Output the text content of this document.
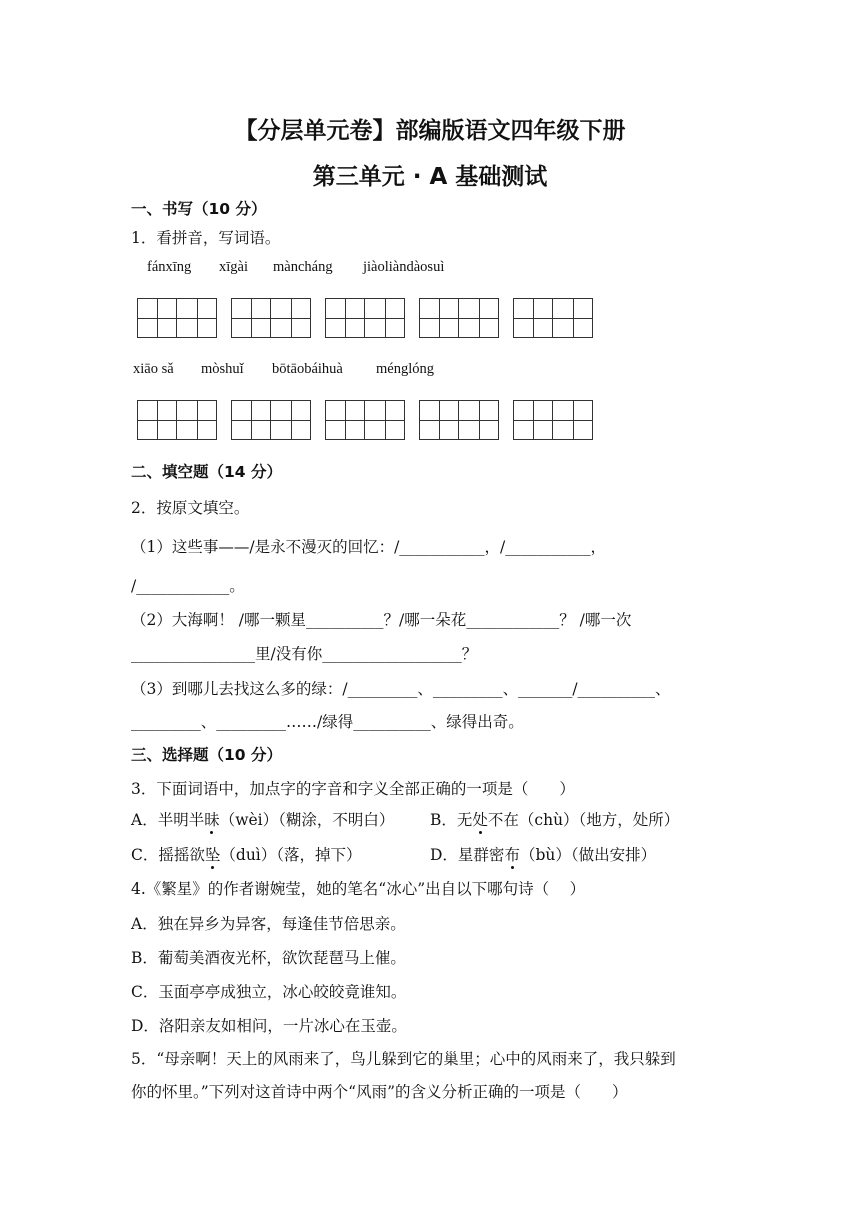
【分层单元卷】部编版语文四年级下册
第三单元 · A 基础测试
一、书写（10 分）
1．看拼音，写词语。
fánxīng xīgài màncháng jiàoliàndàosuì
xiāo sǎ mòshuǐ bōtāobáihuà ménglóng
二、填空题（14 分）
2．按原文填空。
（1）这些事——/是永不漫灭的回忆：/___________，/___________，
/____________。
（2）大海啊！ /哪一颗星__________？/哪一朵花____________？ /哪一次
________________里/没有你__________________？
（3）到哪儿去找这么多的绿：/_________、_________、_______/__________、
_________、_________……/绿得__________、绿得出奇。
三、选择题（10 分）
3．下面词语中，加点字的字音和字义全部正确的一项是（　　）
A．半明半昧（wèi）（糊涂，不明白） B．无处不在（chù）（地方，处所）
C．摇摇欲坠（duì）（落，掉下）	D．星群密布（bù）（做出安排）
4.《繁星》的作者谢婉莹，她的笔名“冰心”出自以下哪句诗（　 ）
A．独在异乡为异客，每逢佳节倍思亲。
B．葡萄美酒夜光杯，欲饮琵琶马上催。
C．玉面亭亭成独立，冰心皎皎竟谁知。
D．洛阳亲友如相问，一片冰心在玉壶。
5．“母亲啊！天上的风雨来了，鸟儿躲到它的巢里；心中的风雨来了，我只躲到
你的怀里。”下列对这首诗中两个“风雨”的含义分析正确的一项是（　　）
